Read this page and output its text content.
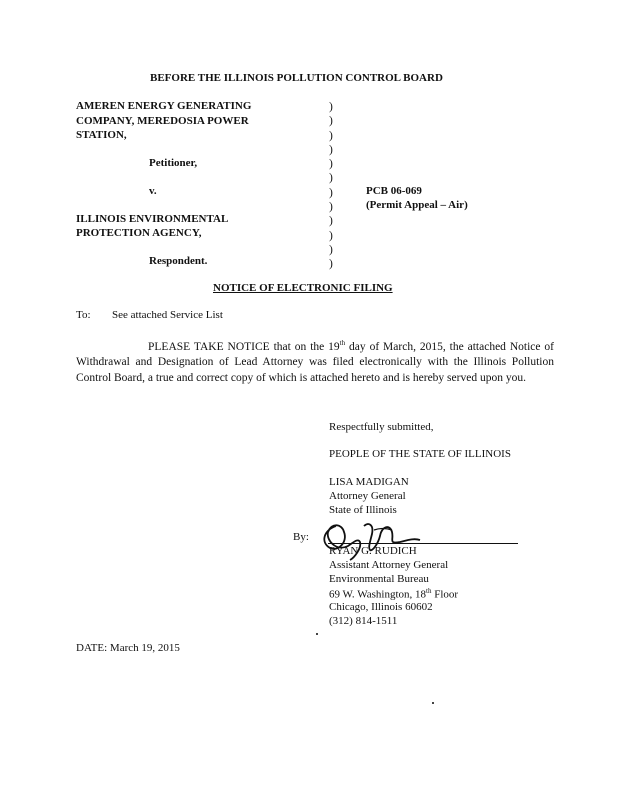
BEFORE THE ILLINOIS POLLUTION CONTROL BOARD
AMEREN ENERGY GENERATING
COMPANY, MEREDOSIA POWER
STATION,
Petitioner,
v.
ILLINOIS ENVIRONMENTAL
PROTECTION AGENCY,
Respondent.
)
)
)
)
)
)
)
)
)
)
)
)
PCB 06-069
(Permit Appeal – Air)
NOTICE OF ELECTRONIC FILING
To: See attached Service List
PLEASE TAKE NOTICE that on the 19th day of March, 2015, the attached Notice of Withdrawal and Designation of Lead Attorney was filed electronically with the Illinois Pollution Control Board, a true and correct copy of which is attached hereto and is hereby served upon you.
Respectfully submitted,
PEOPLE OF THE STATE OF ILLINOIS
LISA MADIGAN
Attorney General
State of Illinois
By:
RYAN G. RUDICH
Assistant Attorney General
Environmental Bureau
69 W. Washington, 18th Floor
Chicago, Illinois 60602
(312) 814-1511
DATE: March 19, 2015
